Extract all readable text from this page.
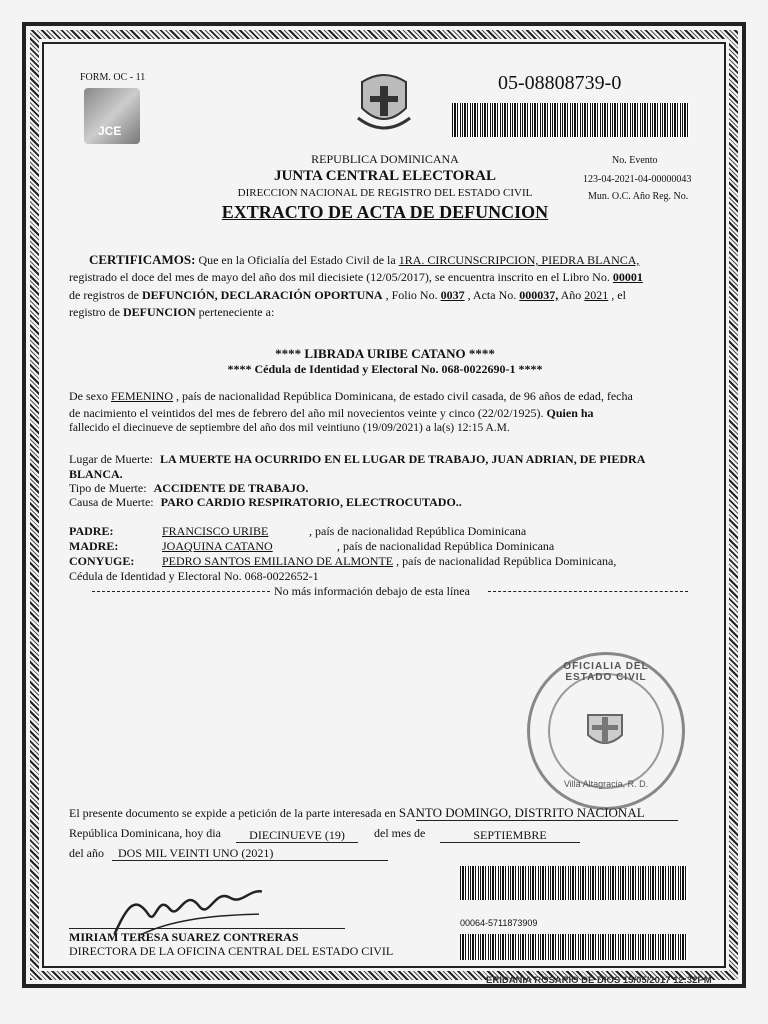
FORM. OC - 11
JCE
05-08808739-0
REPUBLICA DOMINICANA
JUNTA CENTRAL ELECTORAL
DIRECCION NACIONAL DE REGISTRO DEL ESTADO CIVIL
EXTRACTO DE ACTA DE DEFUNCION
No. Evento
123-04-2021-04-00000043
Mun. O.C. Año Reg. No.
CERTIFICAMOS: Que en la Oficialía del Estado Civil de la 1RA. CIRCUNSCRIPCION, PIEDRA BLANCA,
registrado el doce del mes de mayo del año dos mil diecisiete (12/05/2017), se encuentra inscrito en el Libro No. 00001
de registros de DEFUNCIÓN, DECLARACIÓN OPORTUNA , Folio No. 0037 , Acta No. 000037, Año 2021 , el
registro de DEFUNCION perteneciente a:
**** LIBRADA URIBE CATANO ****
**** Cédula de Identidad y Electoral No. 068-0022690-1 ****
De sexo FEMENINO , país de nacionalidad República Dominicana, de estado civil casada, de 96 años de edad, fecha
de nacimiento el veintidos del mes de febrero del año mil novecientos veinte y cinco (22/02/1925). Quien ha
fallecido el diecinueve de septiembre del año dos mil veintiuno (19/09/2021) a la(s) 12:15 A.M.
Lugar de Muerte: LA MUERTE HA OCURRIDO EN EL LUGAR DE TRABAJO, JUAN ADRIAN, DE PIEDRA
BLANCA.
Tipo de Muerte: ACCIDENTE DE TRABAJO.
Causa de Muerte: PARO CARDIO RESPIRATORIO, ELECTROCUTADO..
PADRE:	FRANCISCO URIBE	, país de nacionalidad República Dominicana
MADRE:	JOAQUINA CATANO	, país de nacionalidad República Dominicana
CONYUGE: PEDRO SANTOS EMILIANO DE ALMONTE , país de nacionalidad República Dominicana,
Cédula de Identidad y Electoral No. 068-0022652-1
No más información debajo de esta línea
OFICIALIA DEL ESTADO CIVIL
Villa Altagracia, R. D.
El presente documento se expide a petición de la parte interesada en SANTO DOMINGO, DISTRITO NACIONAL
República Dominicana, hoy dia	DIECINUEVE (19)	del mes de	SEPTIEMBRE
del año DOS MIL VEINTI UNO (2021)
00064-5711873909
MIRIAM TERESA SUAREZ CONTRERAS
DIRECTORA DE LA OFICINA CENTRAL DEL ESTADO CIVIL
ERIDANIA ROSARIO DE DIOS 15/05/2017 12:32PM
